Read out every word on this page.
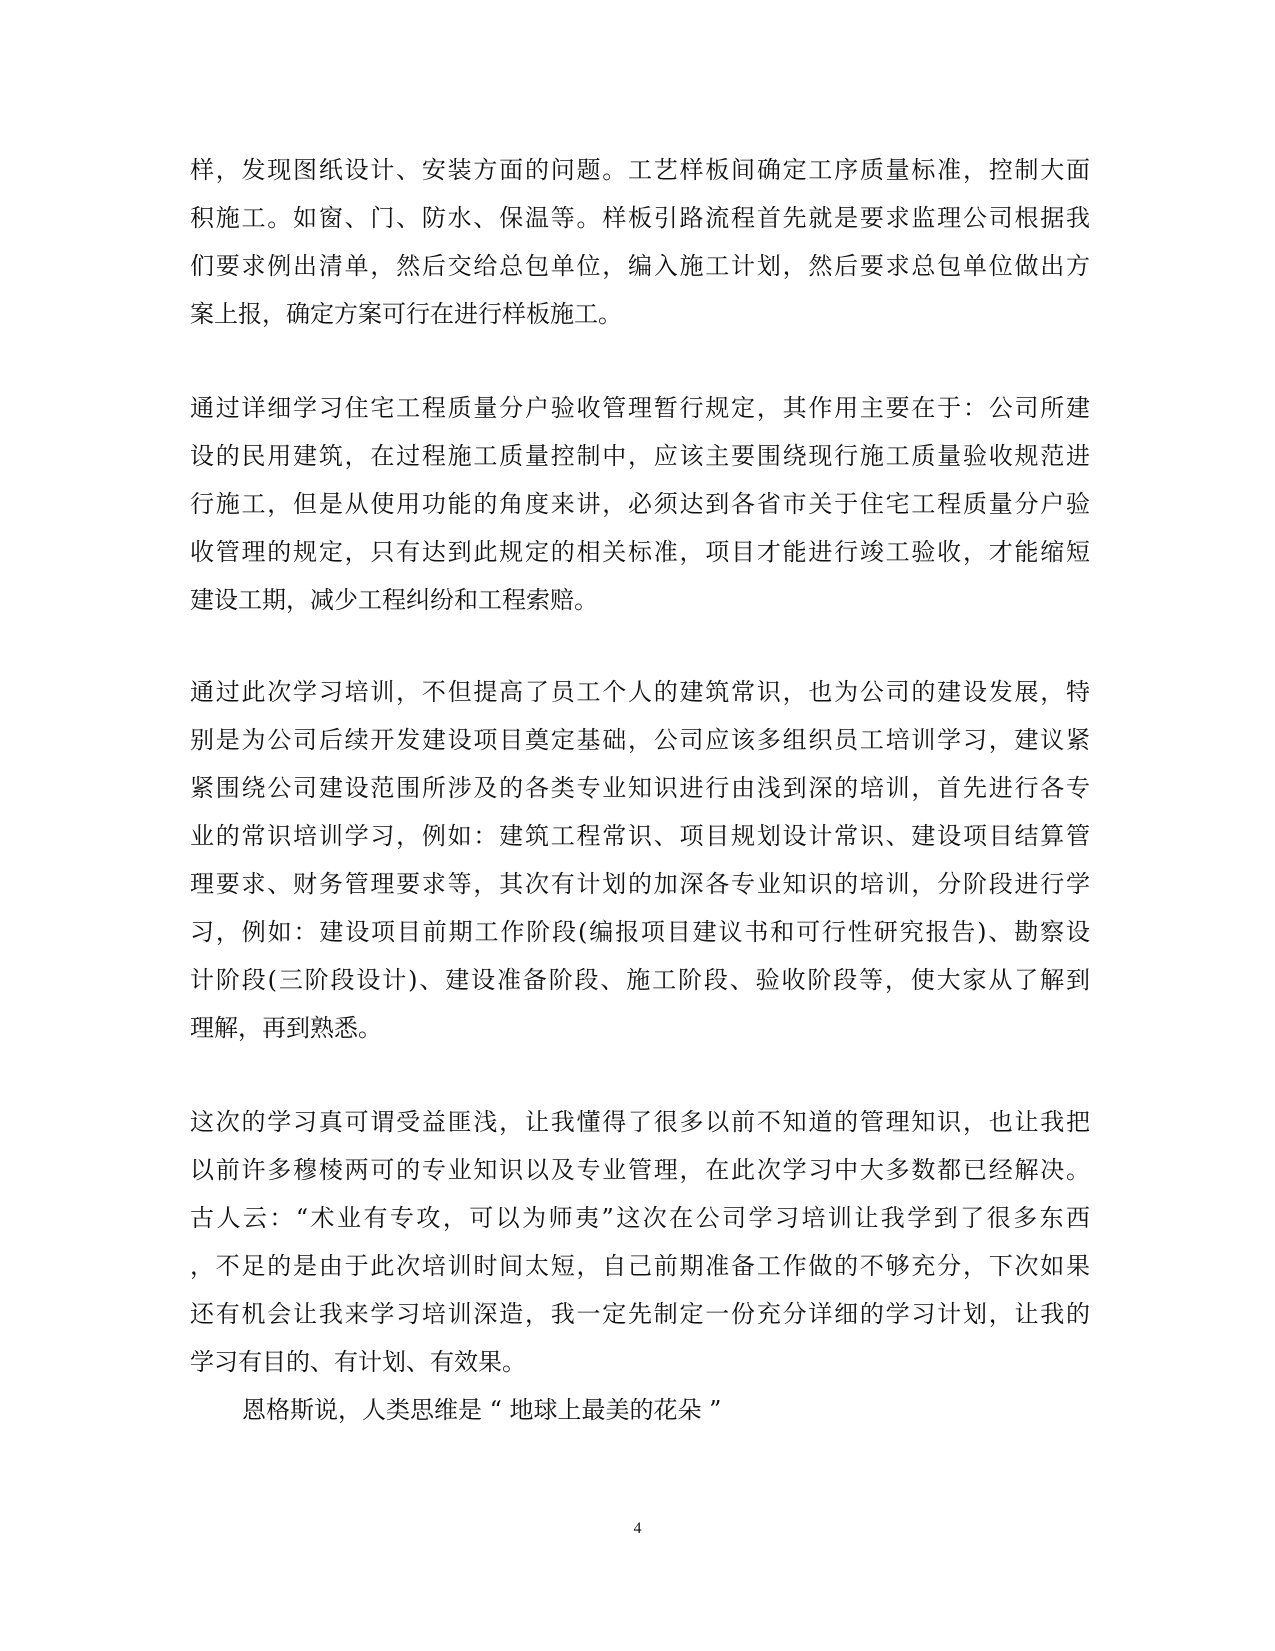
样，发现图纸设计、安装方面的问题。工艺样板间确定工序质量标准，控制大面
积施工。如窗、门、防水、保温等。样板引路流程首先就是要求监理公司根据我
们要求例出清单，然后交给总包单位，编入施工计划，然后要求总包单位做出方
案上报，确定方案可行在进行样板施工。
通过详细学习住宅工程质量分户验收管理暂行规定，其作用主要在于：公司所建
设的民用建筑，在过程施工质量控制中，应该主要围绕现行施工质量验收规范进
行施工，但是从使用功能的角度来讲，必须达到各省市关于住宅工程质量分户验
收管理的规定，只有达到此规定的相关标准，项目才能进行竣工验收，才能缩短
建设工期，减少工程纠纷和工程索赔。
通过此次学习培训，不但提高了员工个人的建筑常识，也为公司的建设发展，特
别是为公司后续开发建设项目奠定基础，公司应该多组织员工培训学习，建议紧
紧围绕公司建设范围所涉及的各类专业知识进行由浅到深的培训，首先进行各专
业的常识培训学习，例如：建筑工程常识、项目规划设计常识、建设项目结算管
理要求、财务管理要求等，其次有计划的加深各专业知识的培训，分阶段进行学
习，例如：建设项目前期工作阶段(编报项目建议书和可行性研究报告)、勘察设
计阶段(三阶段设计)、建设准备阶段、施工阶段、验收阶段等，使大家从了解到
理解，再到熟悉。
这次的学习真可谓受益匪浅，让我懂得了很多以前不知道的管理知识，也让我把
以前许多穆棱两可的专业知识以及专业管理，在此次学习中大多数都已经解决。
古人云：“术业有专攻，可以为师夷”这次在公司学习培训让我学到了很多东西
，不足的是由于此次培训时间太短，自己前期准备工作做的不够充分，下次如果
还有机会让我来学习培训深造，我一定先制定一份充分详细的学习计划，让我的
学习有目的、有计划、有效果。
恩格斯说，人类思维是 “ 地球上最美的花朵 ”
4
